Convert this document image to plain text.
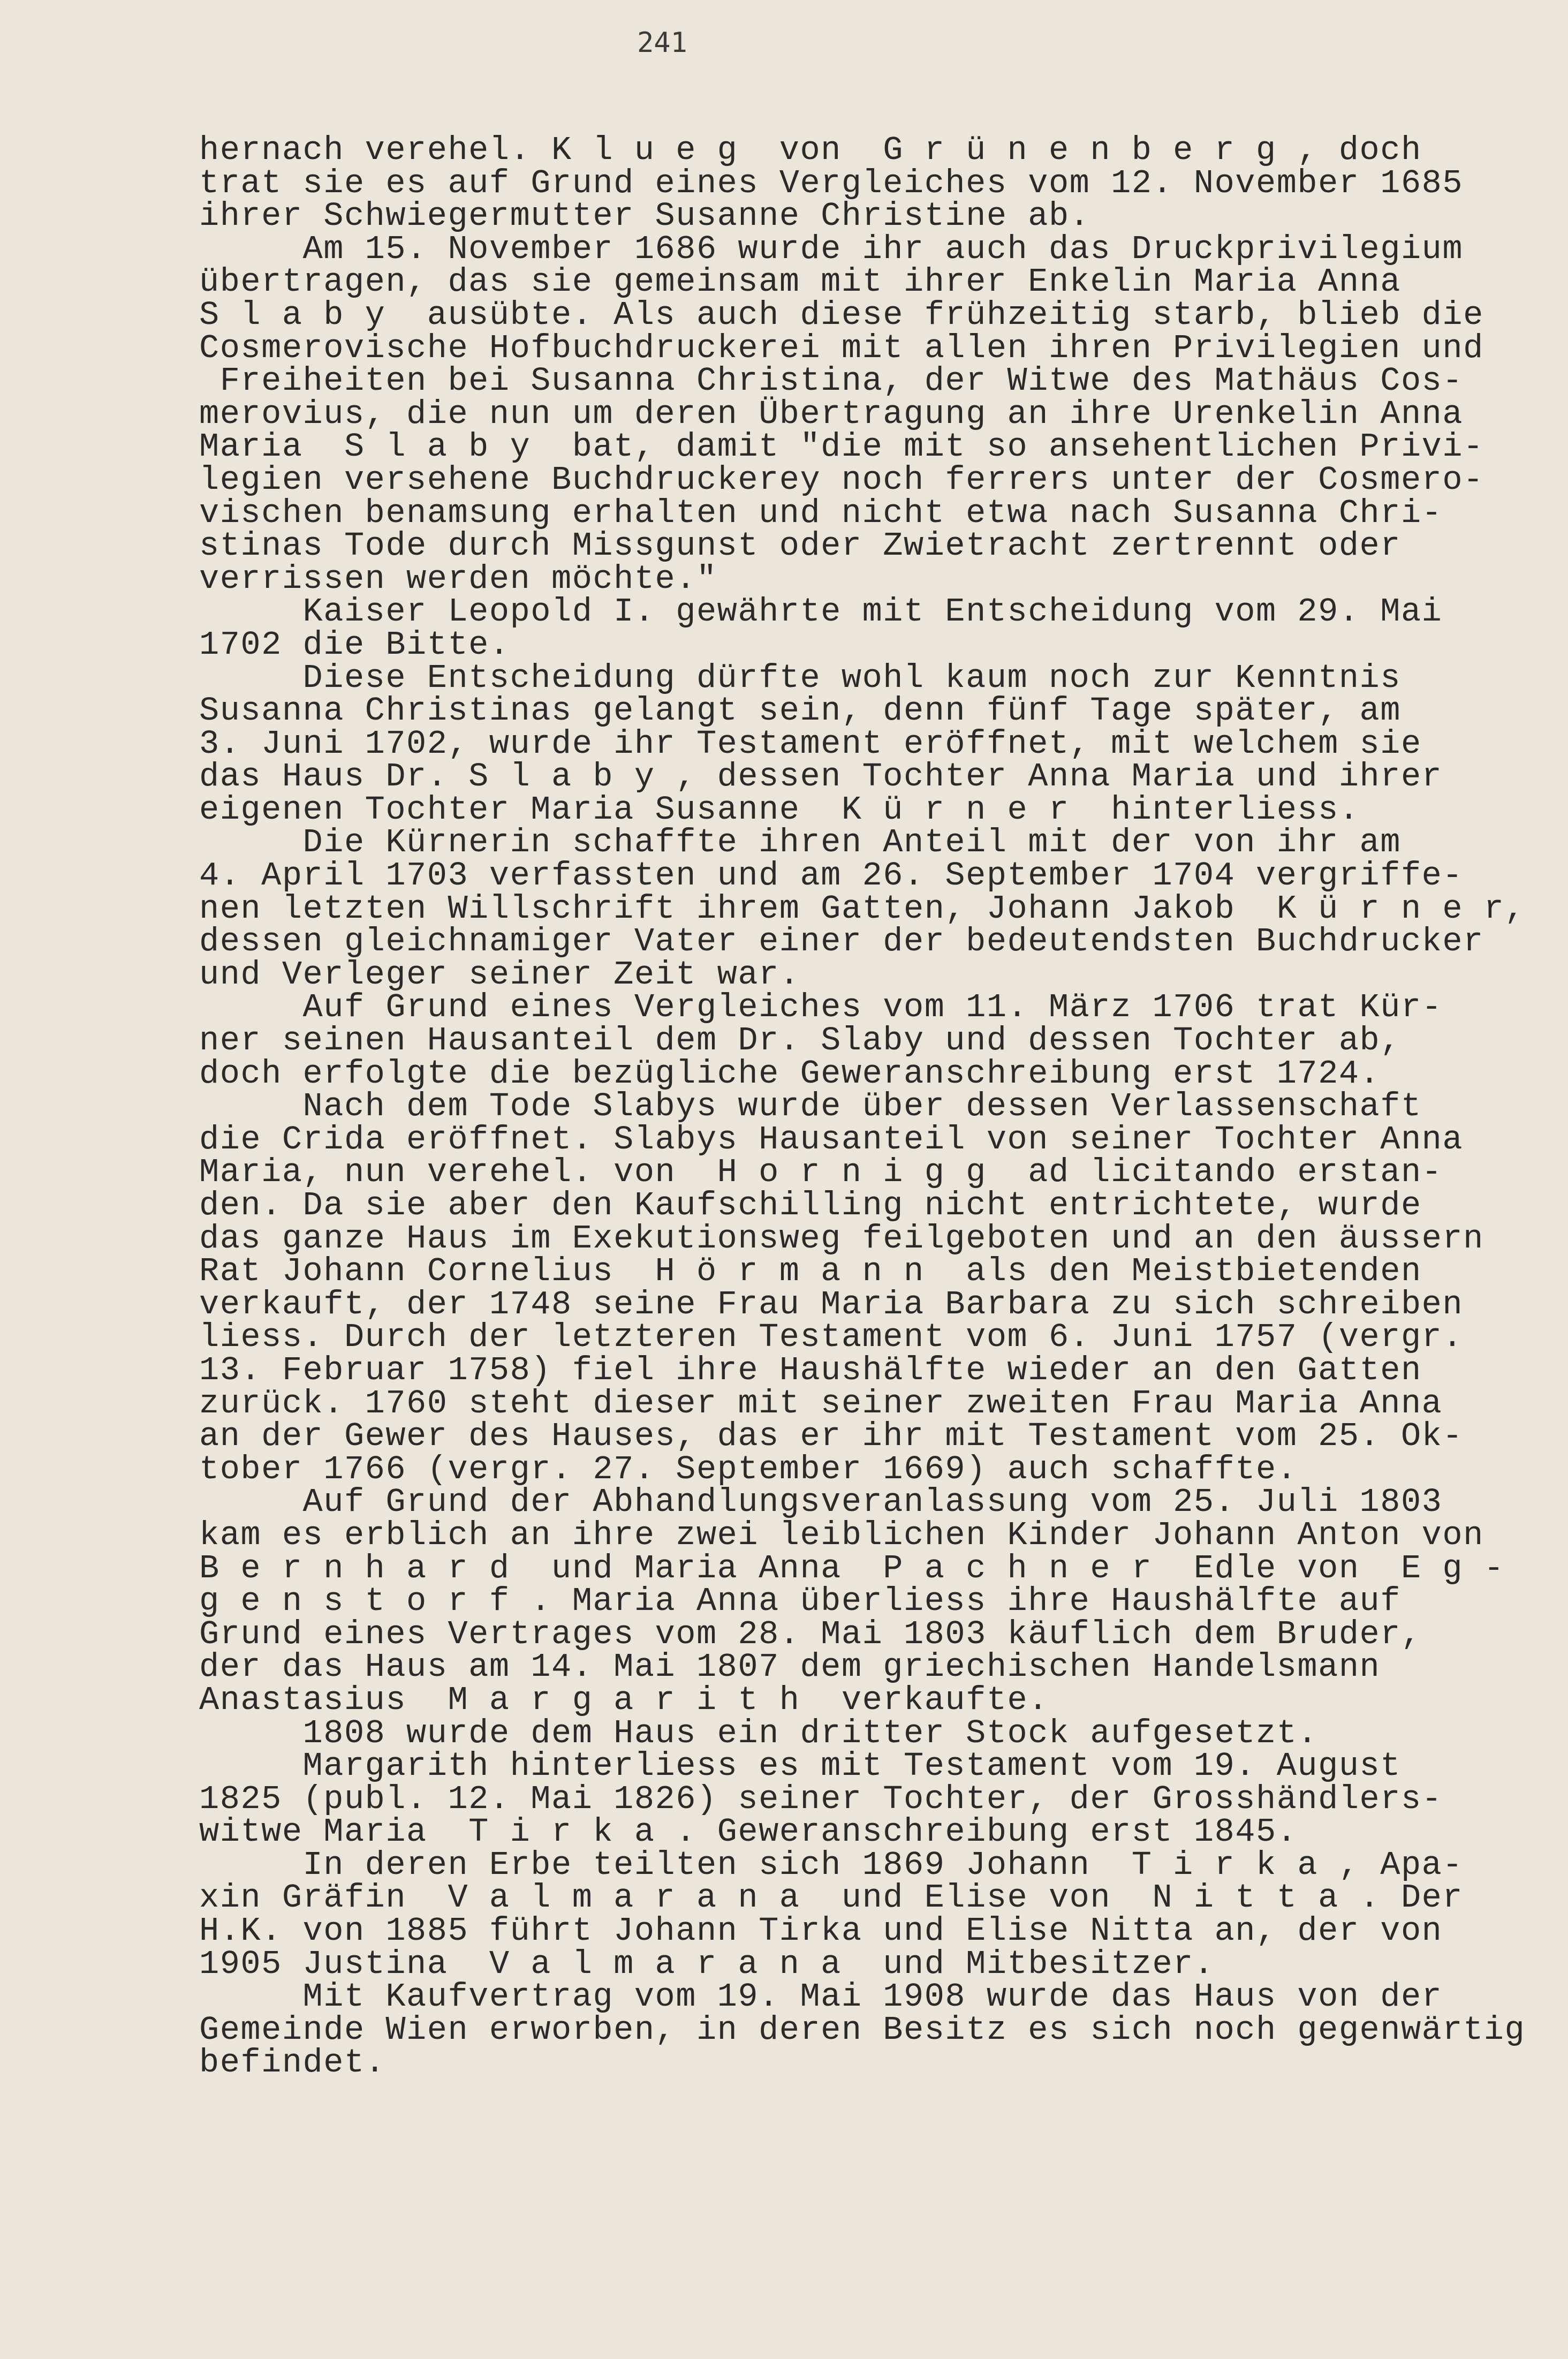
241
hernach verehel. K l u e g  von  G r ü n e n b e r g , doch
trat sie es auf Grund eines Vergleiches vom 12. November 1685
ihrer Schwiegermutter Susanne Christine ab.
Am 15. November 1686 wurde ihr auch das Druckprivilegium
übertragen, das sie gemeinsam mit ihrer Enkelin Maria Anna
S l a b y  ausübte. Als auch diese frühzeitig starb, blieb die
Cosmerovische Hofbuchdruckerei mit allen ihren Privilegien und
Freiheiten bei Susanna Christina, der Witwe des Mathäus Cos-
merovius, die nun um deren Übertragung an ihre Urenkelin Anna
Maria  S l a b y  bat, damit "die mit so ansehentlichen Privi-
legien versehene Buchdruckerey noch ferrers unter der Cosmero-
vischen benamsung erhalten und nicht etwa nach Susanna Chri-
stinas Tode durch Missgunst oder Zwietracht zertrennt oder
verrissen werden möchte."
Kaiser Leopold I. gewährte mit Entscheidung vom 29. Mai
1702 die Bitte.
Diese Entscheidung dürfte wohl kaum noch zur Kenntnis
Susanna Christinas gelangt sein, denn fünf Tage später, am
3. Juni 1702, wurde ihr Testament eröffnet, mit welchem sie
das Haus Dr. S l a b y , dessen Tochter Anna Maria und ihrer
eigenen Tochter Maria Susanne  K ü r n e r  hinterliess.
Die Kürnerin schaffte ihren Anteil mit der von ihr am
4. April 1703 verfassten und am 26. September 1704 vergriffe-
nen letzten Willschrift ihrem Gatten, Johann Jakob  K ü r n e r,
dessen gleichnamiger Vater einer der bedeutendsten Buchdrucker
und Verleger seiner Zeit war.
Auf Grund eines Vergleiches vom 11. März 1706 trat Kür-
ner seinen Hausanteil dem Dr. Slaby und dessen Tochter ab,
doch erfolgte die bezügliche Geweranschreibung erst 1724.
Nach dem Tode Slabys wurde über dessen Verlassenschaft
die Crida eröffnet. Slabys Hausanteil von seiner Tochter Anna
Maria, nun verehel. von  H o r n i g g  ad licitando erstan-
den. Da sie aber den Kaufschilling nicht entrichtete, wurde
das ganze Haus im Exekutionsweg feilgeboten und an den äussern
Rat Johann Cornelius  H ö r m a n n  als den Meistbietenden
verkauft, der 1748 seine Frau Maria Barbara zu sich schreiben
liess. Durch der letzteren Testament vom 6. Juni 1757 (vergr.
13. Februar 1758) fiel ihre Haushälfte wieder an den Gatten
zurück. 1760 steht dieser mit seiner zweiten Frau Maria Anna
an der Gewer des Hauses, das er ihr mit Testament vom 25. Ok-
tober 1766 (vergr. 27. September 1669) auch schaffte.
Auf Grund der Abhandlungsveranlassung vom 25. Juli 1803
kam es erblich an ihre zwei leiblichen Kinder Johann Anton von
B e r n h a r d  und Maria Anna  P a c h n e r  Edle von  E g -
g e n s t o r f . Maria Anna überliess ihre Haushälfte auf
Grund eines Vertrages vom 28. Mai 1803 käuflich dem Bruder,
der das Haus am 14. Mai 1807 dem griechischen Handelsmann
Anastasius  M a r g a r i t h  verkaufte.
1808 wurde dem Haus ein dritter Stock aufgesetzt.
Margarith hinterliess es mit Testament vom 19. August
1825 (publ. 12. Mai 1826) seiner Tochter, der Grosshändlers-
witwe Maria  T i r k a . Geweranschreibung erst 1845.
In deren Erbe teilten sich 1869 Johann  T i r k a , Apa-
xin Gräfin  V a l m a r a n a  und Elise von  N i t t a . Der
H.K. von 1885 führt Johann Tirka und Elise Nitta an, der von
1905 Justina  V a l m a r a n a  und Mitbesitzer.
Mit Kaufvertrag vom 19. Mai 1908 wurde das Haus von der
Gemeinde Wien erworben, in deren Besitz es sich noch gegenwärtig
befindet.
